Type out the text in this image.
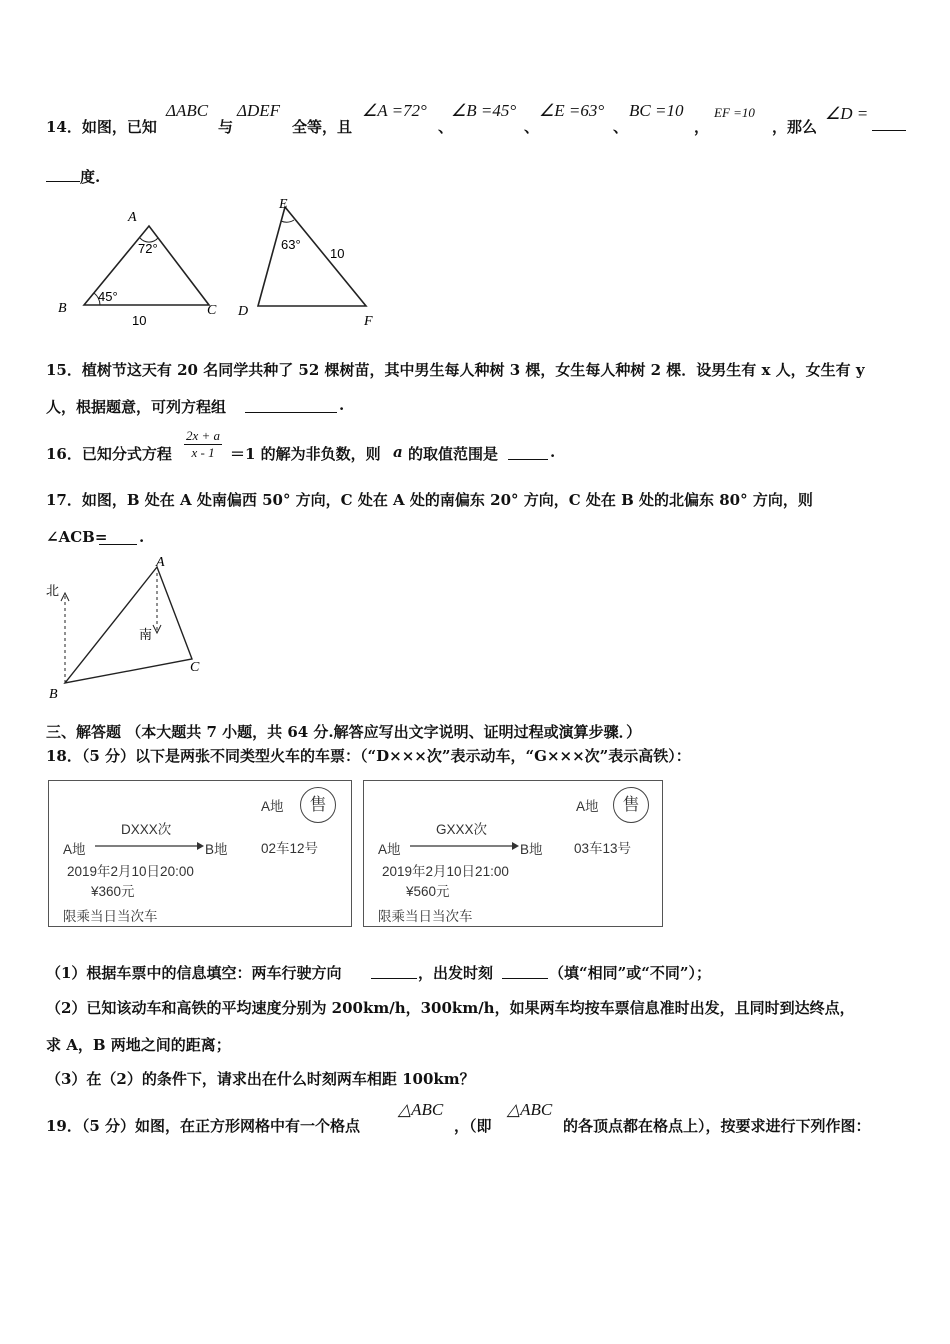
14．如图，已知
ΔABC
与
ΔDEF
全等，且
∠A =72°
、
∠B =45°
、
∠E =63°
、
BC =10
，
EF =10
，那么
∠D =
度.
A
72°
B
45°
C
10
E
63°
10
D
F
15．植树节这天有 20 名同学共种了 52 棵树苗，其中男生每人种树 3 棵，女生每人种树 2 棵．设男生有 x 人，女生有 y
人，根据题意，可列方程组	.
16．已知分式方程 $\frac{2x + a}{x - 1} =1$ 的解为非负数，则 a 的取值范围是	.
17．如图，B 处在 A 处南偏西 50° 方向，C 处在 A 处的南偏东 20° 方向，C 处在 B 处的北偏东 80° 方向，则
∠ACB= .
北
南
A
B
C
三、解答题 （本大题共 7 小题，共 64 分.解答应写出文字说明、证明过程或演算步骤．）
18．（5 分）以下是两张不同类型火车的车票：（“D×××次”表示动车，“G×××次”表示高铁）：
A地	售
DXXX次
A地	B地 02车12号
2019年2月10日20:00
¥360元
限乘当日当次车
A地	售
GXXX次
A地	B地 03车13号
2019年2月10日21:00
¥560元
限乘当日当次车
（1）根据车票中的信息填空：两车行驶方向	，出发时刻	（填“相同”或“不同”）；
（2）已知该动车和高铁的平均速度分别为 200km/h，300km/h，如果两车均按车票信息准时出发，且同时到达终点，
求 A，B 两地之间的距离；
（3）在（2）的条件下，请求出在什么时刻两车相距 100km？
19．（5 分）如图，在正方形网格中有一个格点
△ABC
，（即
△ABC
的各顶点都在格点上），按要求进行下列作图：
